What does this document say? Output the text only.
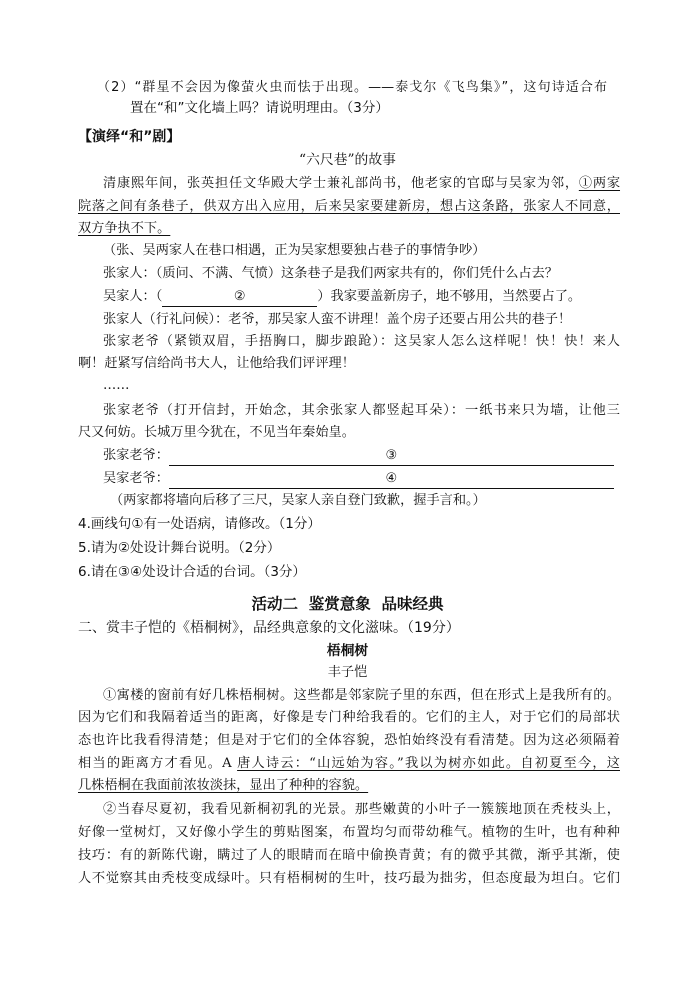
（2）“群星不会因为像萤火虫而怯于出现。——泰戈尔《飞鸟集》”，这句诗适合布
置在“和”文化墙上吗？请说明理由。（3分）
【演绎“和”剧】
“六尺巷”的故事
清康熙年间，张英担任文华殿大学士兼礼部尚书，他老家的官邸与吴家为邻，①两家
院落之间有条巷子，供双方出入应用，后来吴家要建新房，想占这条路，张家人不同意，
双方争执不下。
（张、吴两家人在巷口相遇，正为吴家想要独占巷子的事情争吵）
张家人：（质问、不满、气愤）这条巷子是我们两家共有的，你们凭什么占去？
吴家人：（	②	）我家要盖新房子，地不够用，当然要占了。
张家人（行礼问候）：老爷，那吴家人蛮不讲理！盖个房子还要占用公共的巷子！
张家老爷（紧锁双眉，手捂胸口，脚步踉跄）：这吴家人怎么这样呢！快！快！来人
啊！赶紧写信给尚书大人，让他给我们评评理！
……
张家老爷（打开信封，开始念，其余张家人都竖起耳朵）：一纸书来只为墙，让他三
尺又何妨。长城万里今犹在，不见当年秦始皇。
张家老爷：	③
吴家老爷：	④
（两家都将墙向后移了三尺，吴家人亲自登门致歉，握手言和。）
4.画线句①有一处语病，请修改。（1分）
5.请为②处设计舞台说明。（2分）
6.请在③④处设计合适的台词。（3分）
活动二  鉴赏意象  品味经典
二、赏丰子恺的《梧桐树》，品经典意象的文化滋味。（19分）
梧桐树
丰子恺
①寓楼的窗前有好几株梧桐树。这些都是邻家院子里的东西，但在形式上是我所有的。
因为它们和我隔着适当的距离，好像是专门种给我看的。它们的主人，对于它们的局部状
态也许比我看得清楚；但是对于它们的全体容貌，恐怕始终没有看清楚。因为这必须隔着
相当的距离方才看见。A 唐人诗云：“山远始为容。”我以为树亦如此。自初夏至今，这
几株梧桐在我面前浓妆淡抹，显出了种种的容貌。
②当春尽夏初，我看见新桐初乳的光景。那些嫩黄的小叶子一簇簇地顶在秃枝头上，
好像一堂树灯，又好像小学生的剪贴图案，布置均匀而带幼稚气。植物的生叶，也有种种
技巧：有的新陈代谢，瞒过了人的眼睛而在暗中偷换青黄；有的微乎其微，渐乎其渐，使
人不觉察其由秃枝变成绿叶。只有梧桐树的生叶，技巧最为拙劣，但态度最为坦白。它们
